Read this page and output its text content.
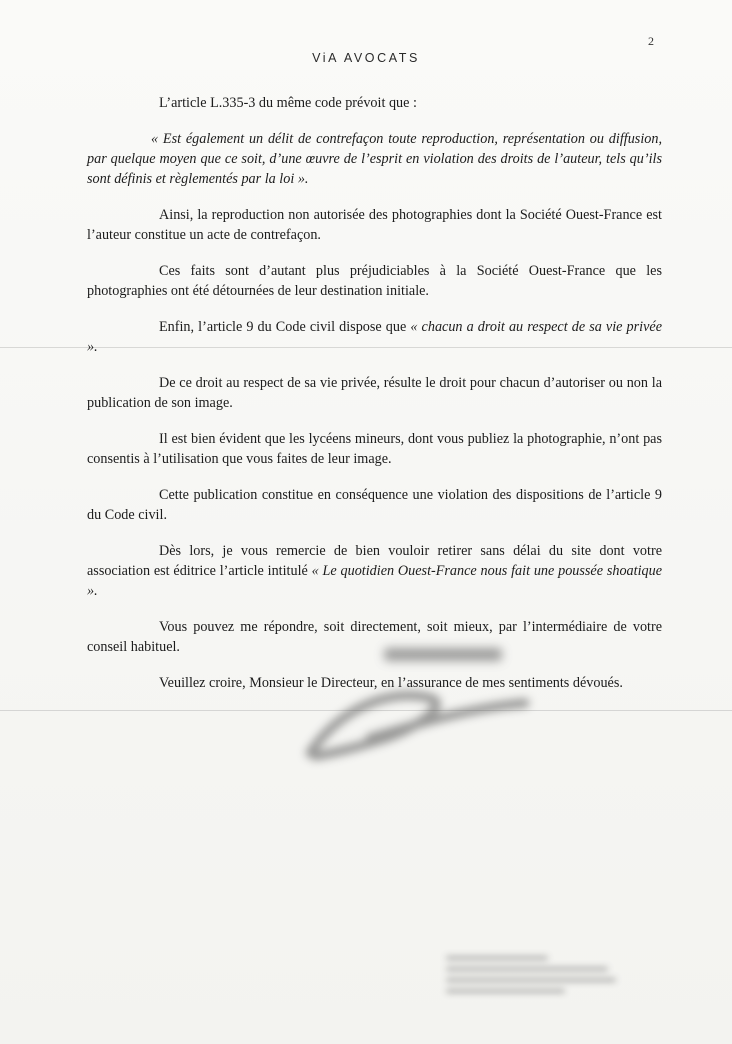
2
ViA AVOCATS

L’article L.335-3 du même code prévoit que :

« Est également un délit de contrefaçon toute reproduction, représentation ou diffusion, par quelque moyen que ce soit, d’une œuvre de l’esprit en violation des droits de l’auteur, tels qu’ils sont définis et règlementés par la loi ».

Ainsi, la reproduction non autorisée des photographies dont la Société Ouest-France est l’auteur constitue un acte de contrefaçon.

Ces faits sont d’autant plus préjudiciables à la Société Ouest-France que les photographies ont été détournées de leur destination initiale.

Enfin, l’article 9 du Code civil dispose que « chacun a droit au respect de sa vie privée ».

De ce droit au respect de sa vie privée, résulte le droit pour chacun d’autoriser ou non la publication de son image.

Il est bien évident que les lycéens mineurs, dont vous publiez la photographie, n’ont pas consentis à l’utilisation que vous faites de leur image.

Cette publication constitue en conséquence une violation des dispositions de l’article 9 du Code civil.

Dès lors, je vous remercie de bien vouloir retirer sans délai du site dont votre association est éditrice l’article intitulé « Le quotidien Ouest-France nous fait une poussée shoatique ».

Vous pouvez me répondre, soit directement, soit mieux, par l’intermédiaire de votre conseil habituel.

Veuillez croire, Monsieur le Directeur, en l’assurance de mes sentiments dévoués.
